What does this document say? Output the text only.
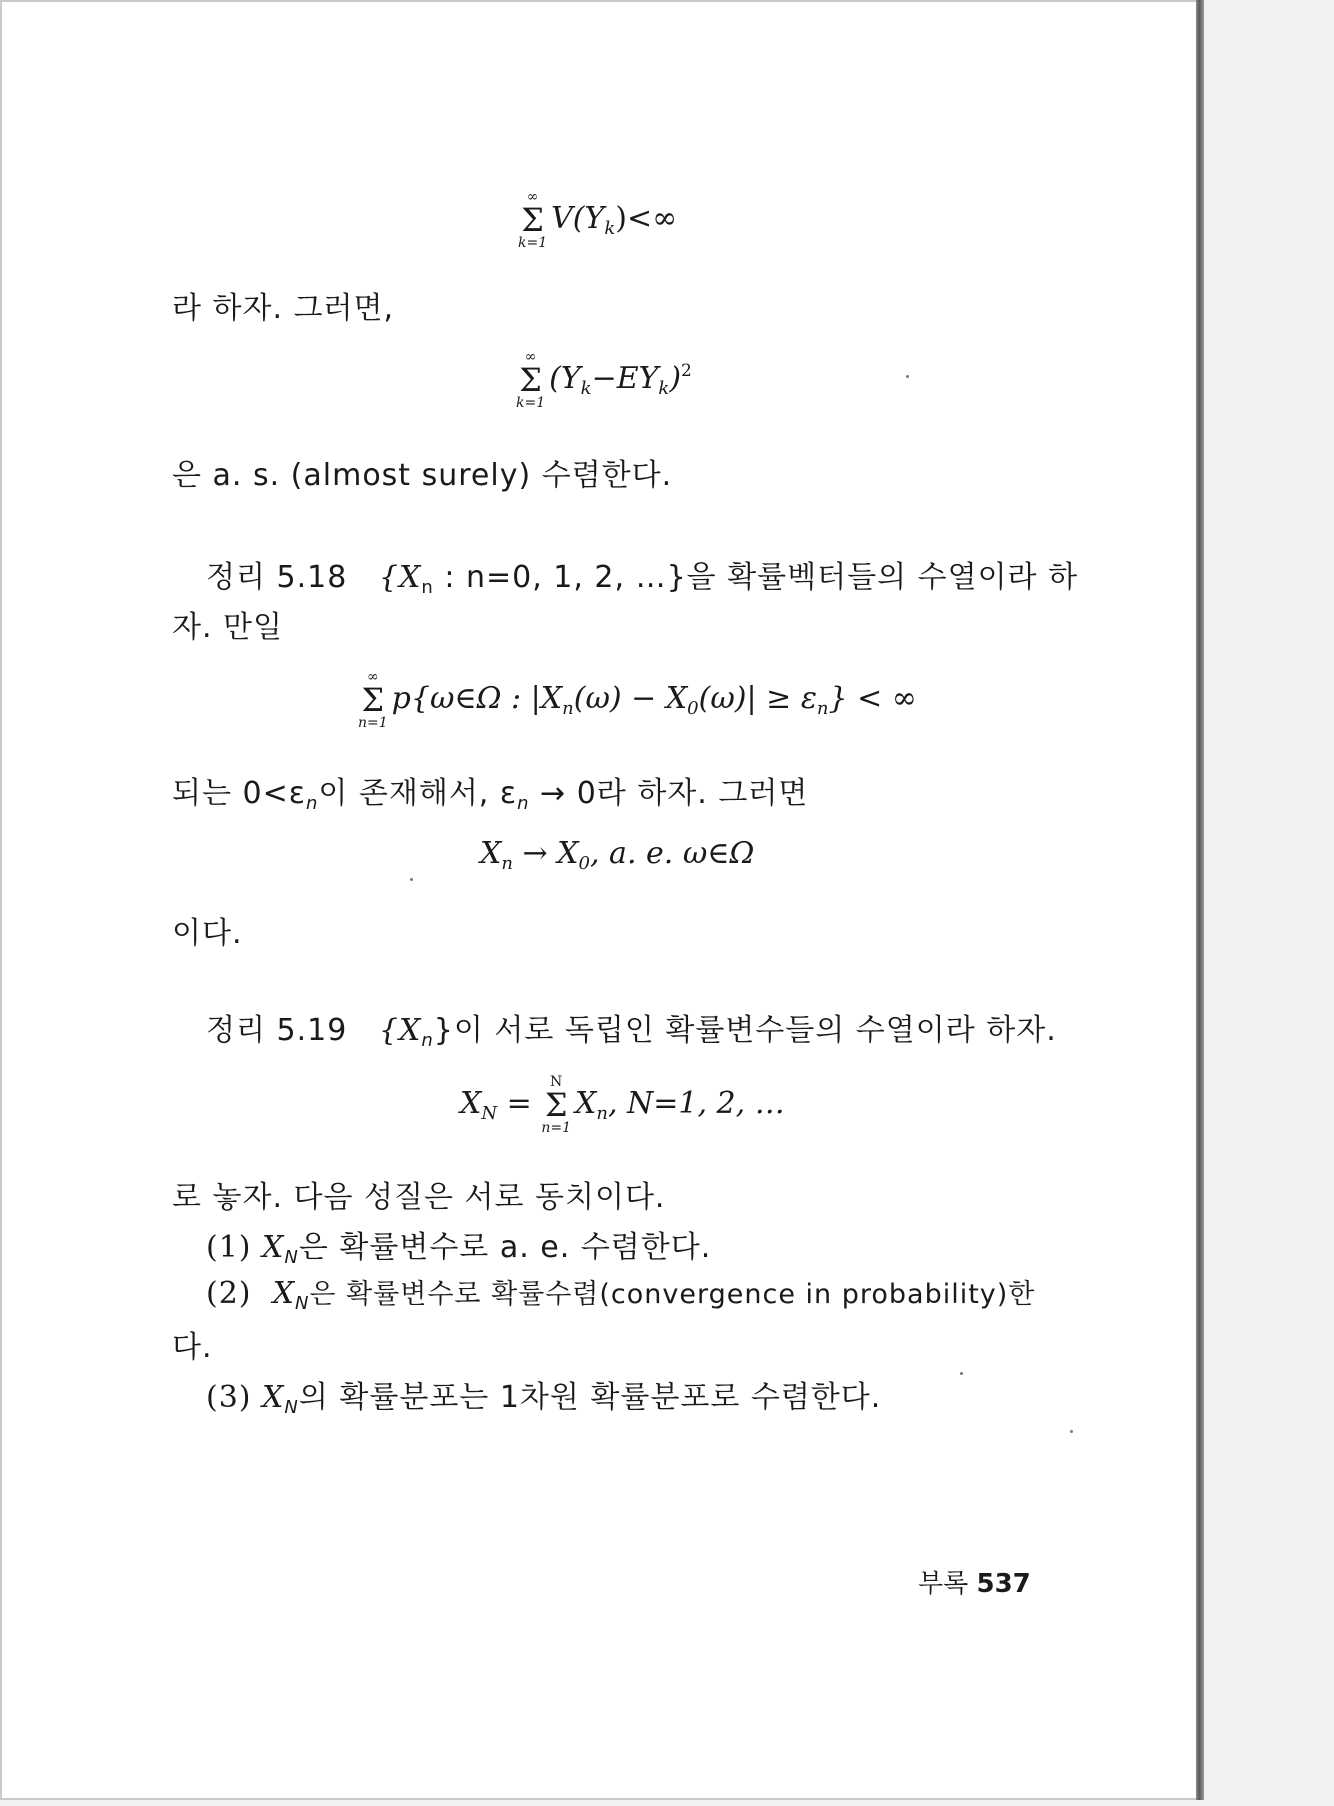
∞
Σ
k=1
$V(Y_k)<\infty$
라 하자. 그러면,
∞
Σ
k=1
$(Y_k-EY_k)^2$
은 a. s. (almost surely) 수렴한다.
정리 5.18 {$X_n$ : n=0, 1, 2, …}을 확률벡터들의 수열이라 하
자. 만일
∞
Σ
n=1
p{ω∈Ω : $|X_n(\omega) - X_0(\omega)| \ge \varepsilon_n$} < ∞
되는 $0<\varepsilon_n$이 존재해서, $\varepsilon_n \to 0$라 하자. 그러면
$X_n \to X_0$, a. e. ω∈Ω
이다.
정리 5.19 $\{X_n\}$이 서로 독립인 확률변수들의 수열이라 하자.
$X_N$ =
N
Σ
n=1
$X_n$, N=1, 2, …
로 놓자. 다음 성질은 서로 동치이다.
(1) $X_N$은 확률변수로 a. e. 수렴한다.
(2) $X_N$은 확률변수로 확률수렴(convergence in probability)한
다.
(3) $X_N$의 확률분포는 1차원 확률분포로 수렴한다.
부록 537
